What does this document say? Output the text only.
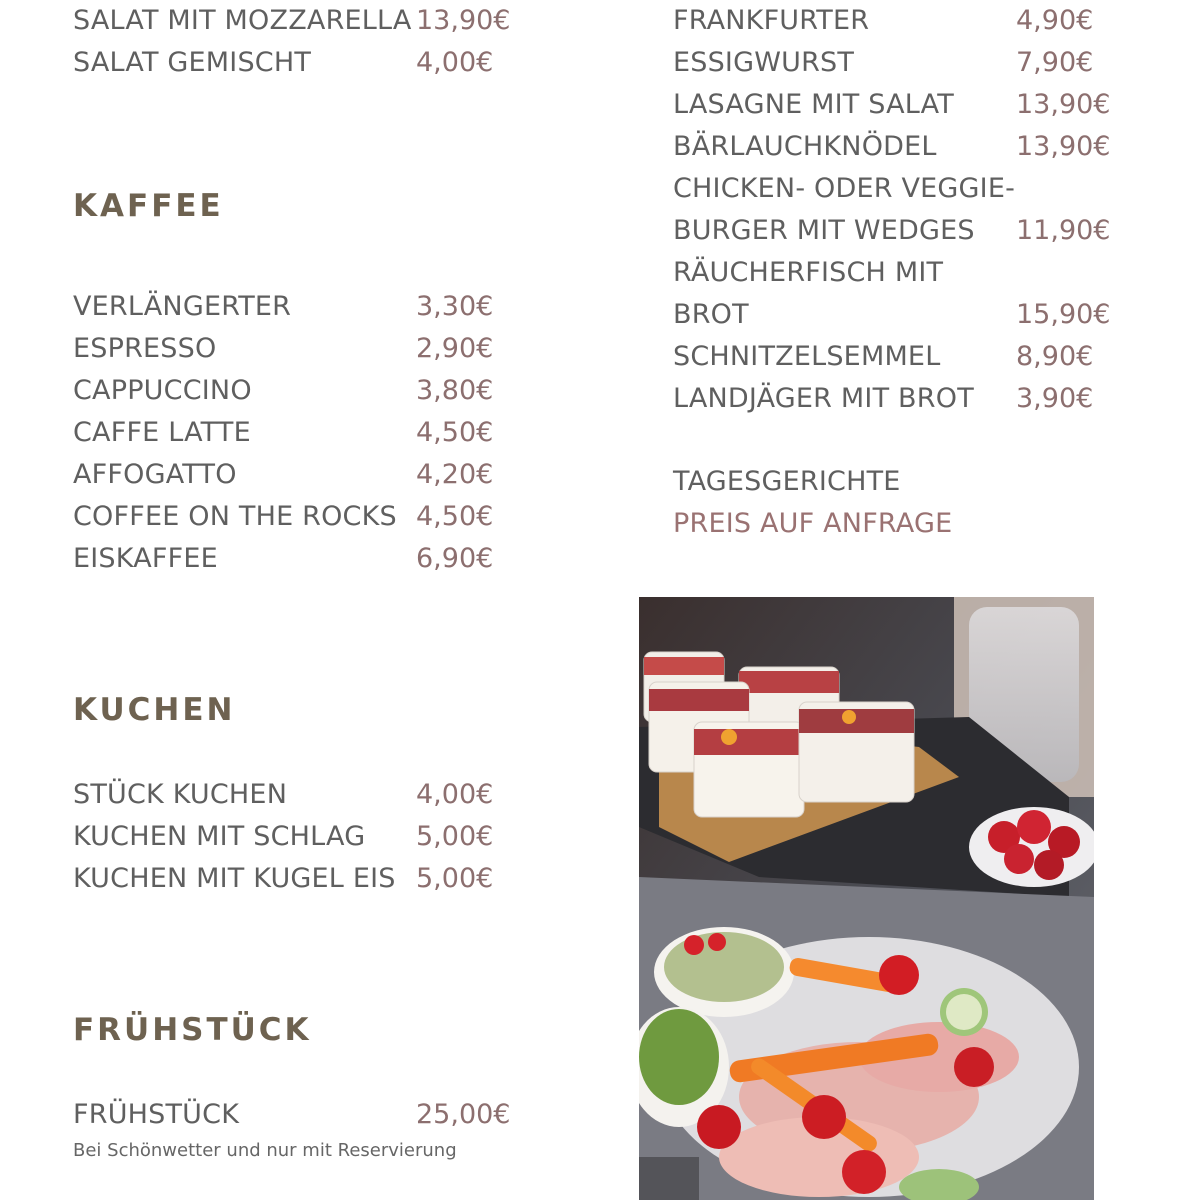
SALAT MIT MOZZARELLA 13,90€
SALAT GEMISCHT	4,00€
KAFFEE
VERLÄNGERTER	3,30€
ESPRESSO	2,90€
CAPPUCCINO	3,80€
CAFFE LATTE	4,50€
AFFOGATTO	4,20€
COFFEE ON THE ROCKS 4,50€
EISKAFFEE	6,90€
KUCHEN
STÜCK KUCHEN	4,00€
KUCHEN MIT SCHLAG 5,00€
KUCHEN MIT KUGEL EIS 5,00€
FRÜHSTÜCK
FRÜHSTÜCK	25,00€
Bei Schönwetter und nur mit Reservierung
FRANKFURTER	4,90€
ESSIGWURST	7,90€
LASAGNE MIT SALAT 13,90€
BÄRLAUCHKNÖDEL	13,90€
CHICKEN- ODER VEGGIE-
BURGER MIT WEDGES 11,90€
RÄUCHERFISCH MIT
BROT	15,90€
SCHNITZELSEMMEL	8,90€
LANDJÄGER MIT BROT 3,90€
TAGESGERICHTE
PREIS AUF ANFRAGE
